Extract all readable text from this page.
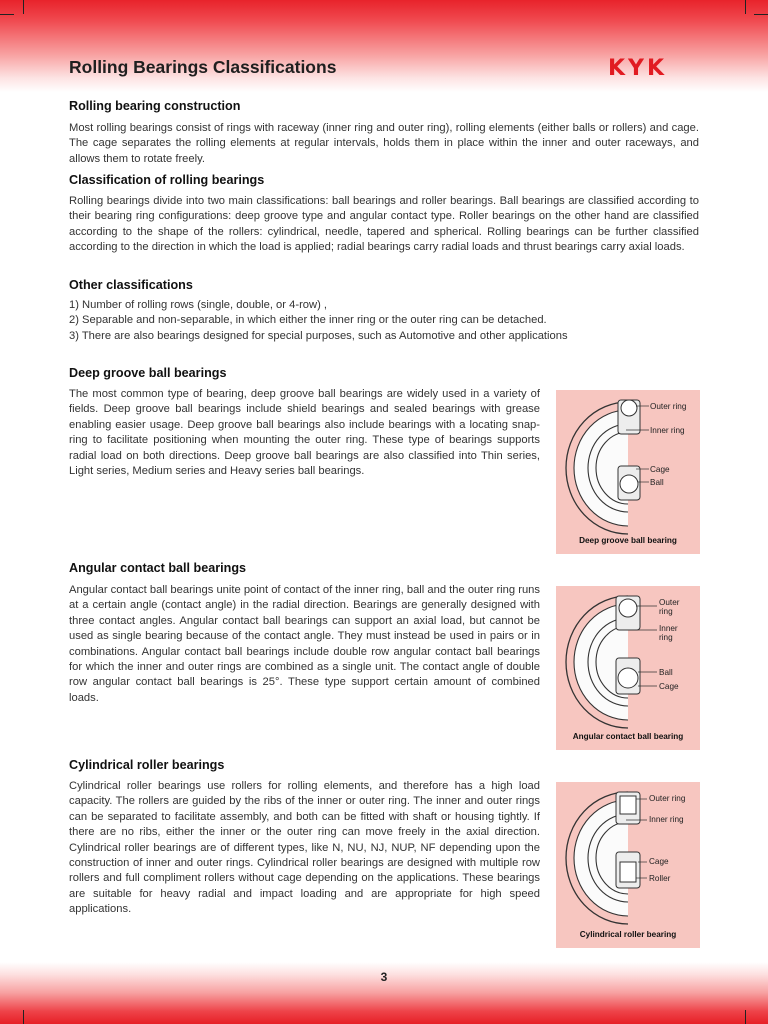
Rolling Bearings Classifications	KYK
Rolling bearing construction

Most rolling bearings consist of rings with raceway (inner ring and outer ring), rolling elements (either balls or rollers) and cage. The cage separates the rolling elements at regular intervals, holds them in place within the inner and outer raceways, and allows them to rotate freely.

Classification of rolling bearings

Rolling bearings divide into two main classifications: ball bearings and roller bearings. Ball bearings are classified according to their bearing ring configurations: deep groove type and angular contact type. Roller bearings on the other hand are classified according to the shape of the rollers: cylindrical, needle, tapered and spherical. Rolling bearings can be further classified according to the direction in which the load is applied; radial bearings carry radial loads and thrust bearings carry axial loads.

Other classifications
1) Number of rolling rows (single, double, or 4-row) ,
2) Separable and non-separable, in which either the inner ring or the outer ring can be detached.
3) There are also bearings designed for special purposes, such as Automotive and other applications
Deep groove ball bearings

The most common type of bearing, deep groove ball bearings are widely used in a variety of fields. Deep groove ball bearings include shield bearings and sealed bearings with grease enabling easier usage. Deep groove ball bearings also include bearings with a locating snap-ring to facilitate positioning when mounting the outer ring. These type of bearings supports radial load on both directions. Deep groove ball bearings are also classified into Thin series, Light series, Medium series and Heavy series ball bearings.

Outer ring
Inner ring
Cage
Ball
Deep groove ball bearing
Angular contact ball bearings

Angular contact ball bearings unite point of contact of the inner ring, ball and the outer ring runs at a certain angle (contact angle) in the radial direction. Bearings are generally designed with three contact angles. Angular contact ball bearings can support an axial load, but cannot be used as single bearing because of the contact angle. They must instead be used in pairs or in combinations. Angular contact ball bearings include double row angular contact ball bearings for which the inner and outer rings are combined as a single unit. The contact angle of double row angular contact ball bearings is 25°. These type support certain amount of combined loads.

Outer ring
Inner ring
Ball
Cage
Angular contact ball bearing
Cylindrical roller bearings

Cylindrical roller bearings use rollers for rolling elements, and therefore has a high load capacity. The rollers are guided by the ribs of the inner or outer ring. The inner and outer rings can be separated to facilitate assembly, and both can be fitted with shaft or housing tightly. If there are no ribs, either the inner or the outer ring can move freely in the axial direction. Cylindrical roller bearings are of different types, like N, NU, NJ, NUP, NF depending upon the construction of inner and outer rings. Cylindrical roller bearings are designed with multiple row rollers and full compliment rollers without cage depending on the applications. These bearings are suitable for heavy radial and impact loading and are appropriate for high speed applications.

Outer ring
Inner ring
Cage
Roller
Cylindrical roller bearing
3
